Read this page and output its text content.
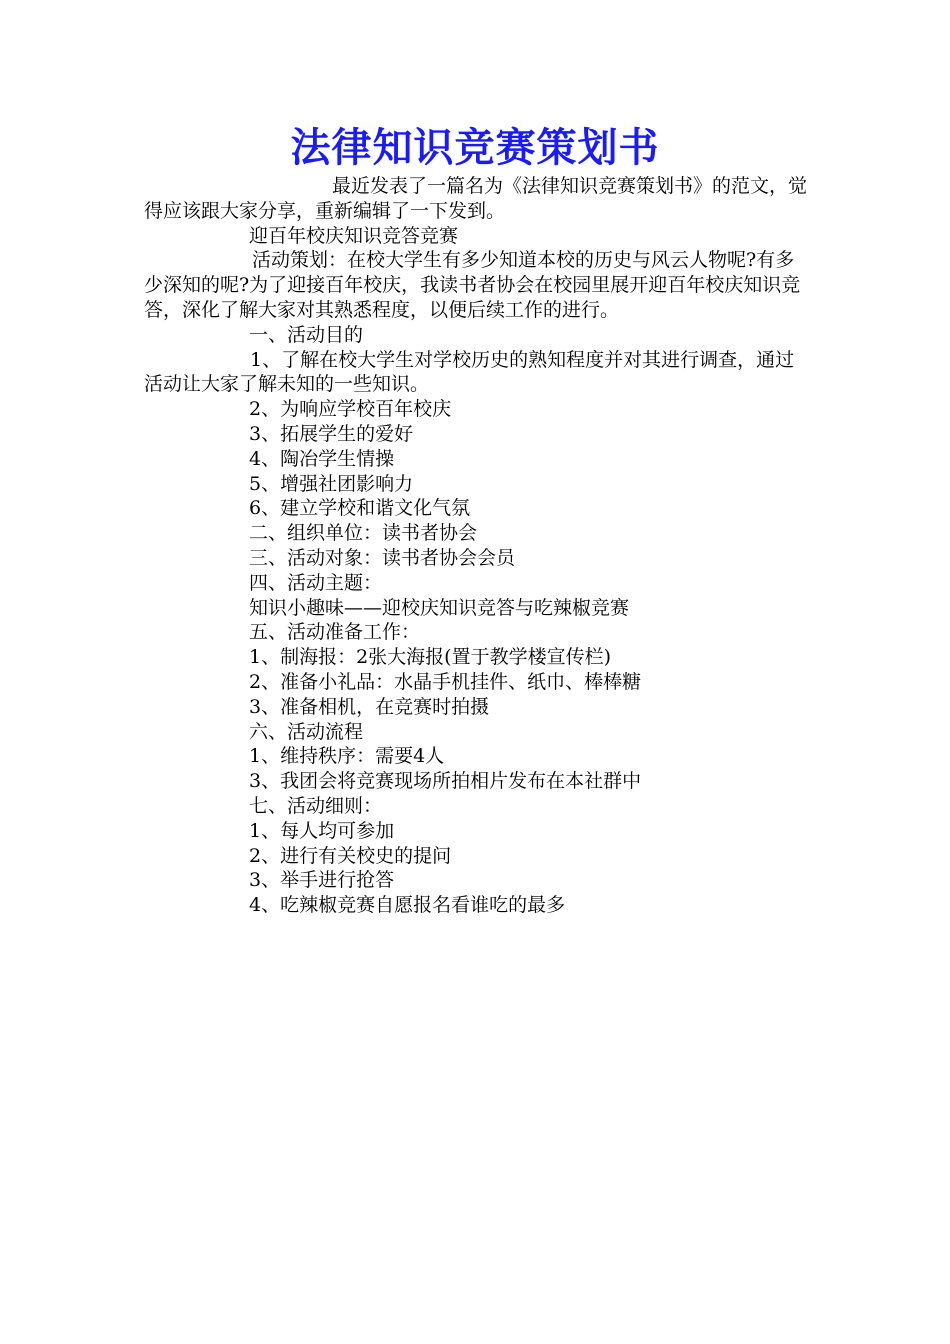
法律知识竞赛策划书

最近发表了一篇名为《法律知识竞赛策划书》的范文，觉得应该跟大家分享，重新编辑了一下发到。

迎百年校庆知识竞答竞赛

活动策划：在校大学生有多少知道本校的历史与风云人物呢?有多少深知的呢?为了迎接百年校庆，我读书者协会在校园里展开迎百年校庆知识竞答，深化了解大家对其熟悉程度，以便后续工作的进行。

一、活动目的

1、了解在校大学生对学校历史的熟知程度并对其进行调查，通过活动让大家了解未知的一些知识。

2、为响应学校百年校庆

3、拓展学生的爱好

4、陶冶学生情操

5、增强社团影响力

6、建立学校和谐文化气氛

二、组织单位：读书者协会

三、活动对象：读书者协会会员

四、活动主题：

知识小趣味——迎校庆知识竞答与吃辣椒竞赛

五、活动准备工作：

1、制海报：2张大海报(置于教学楼宣传栏)

2、准备小礼品：水晶手机挂件、纸巾、棒棒糖

3、准备相机，在竞赛时拍摄

六、活动流程

1、维持秩序：需要4人

3、我团会将竞赛现场所拍相片发布在本社群中

七、活动细则：

1、每人均可参加

2、进行有关校史的提问

3、举手进行抢答

4、吃辣椒竞赛自愿报名看谁吃的最多
